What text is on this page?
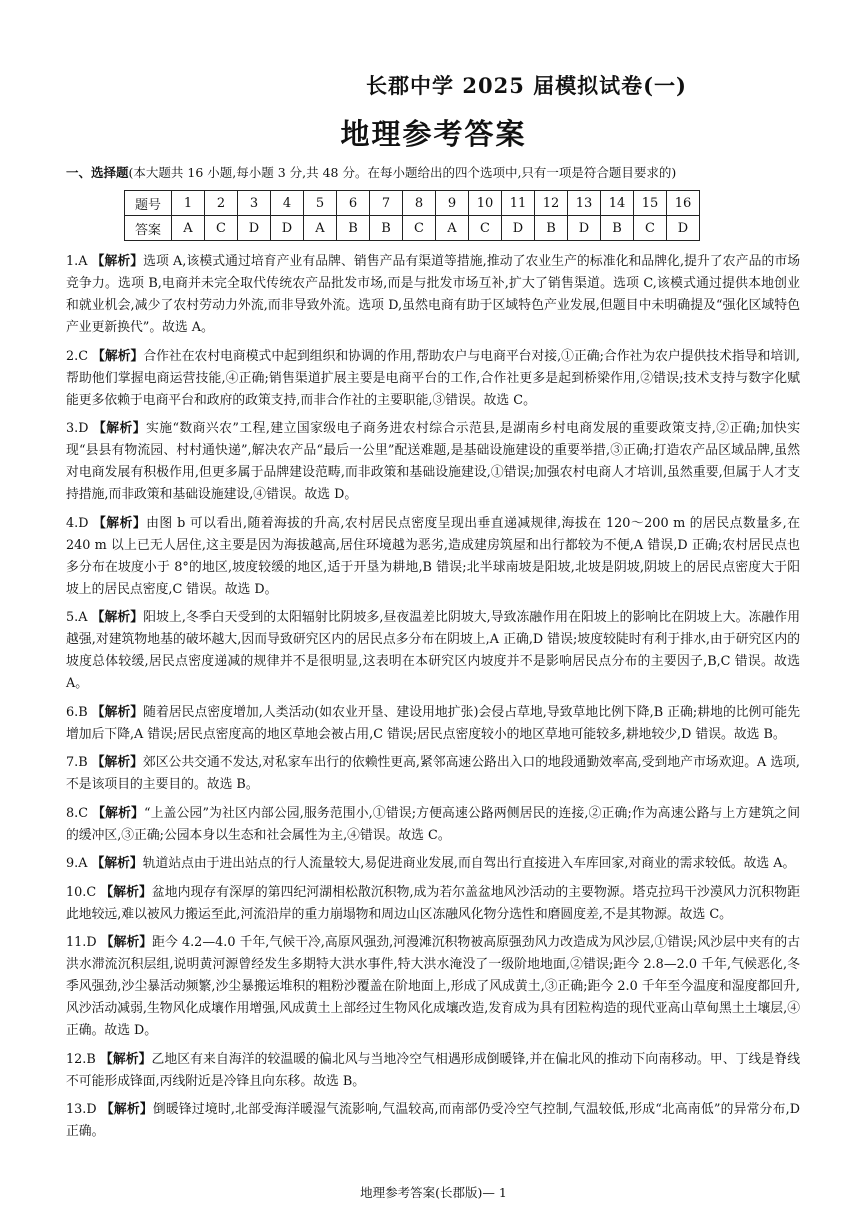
长郡中学 2025 届模拟试卷(一)
地理参考答案
一、选择题(本大题共 16 小题,每小题 3 分,共 48 分。在每小题给出的四个选项中,只有一项是符合题目要求的)
题号	1	2	3	4	5	6	7	8	9	10	11	12	13	14	15	16
答案	A	C	D	D	A	B	B	C	A	C	D	B	D	B	C	D
1.A 【解析】选项 A,该模式通过培育产业有品牌、销售产品有渠道等措施,推动了农业生产的标准化和品牌化,提升了农产品的市场竞争力。选项 B,电商并未完全取代传统农产品批发市场,而是与批发市场互补,扩大了销售渠道。选项 C,该模式通过提供本地创业和就业机会,减少了农村劳动力外流,而非导致外流。选项 D,虽然电商有助于区域特色产业发展,但题目中未明确提及“强化区域特色产业更新换代”。故选 A。
2.C 【解析】合作社在农村电商模式中起到组织和协调的作用,帮助农户与电商平台对接,①正确;合作社为农户提供技术指导和培训,帮助他们掌握电商运营技能,④正确;销售渠道扩展主要是电商平台的工作,合作社更多是起到桥梁作用,②错误;技术支持与数字化赋能更多依赖于电商平台和政府的政策支持,而非合作社的主要职能,③错误。故选 C。
3.D 【解析】实施“数商兴农”工程,建立国家级电子商务进农村综合示范县,是湖南乡村电商发展的重要政策支持,②正确;加快实现“县县有物流园、村村通快递”,解决农产品“最后一公里”配送难题,是基础设施建设的重要举措,③正确;打造农产品区域品牌,虽然对电商发展有积极作用,但更多属于品牌建设范畴,而非政策和基础设施建设,①错误;加强农村电商人才培训,虽然重要,但属于人才支持措施,而非政策和基础设施建设,④错误。故选 D。
4.D 【解析】由图 b 可以看出,随着海拔的升高,农村居民点密度呈现出垂直递减规律,海拔在 120～200 m 的居民点数量多,在 240 m 以上已无人居住,这主要是因为海拔越高,居住环境越为恶劣,造成建房筑屋和出行都较为不便,A 错误,D 正确;农村居民点也多分布在坡度小于 8°的地区,坡度较缓的地区,适于开垦为耕地,B 错误;北半球南坡是阳坡,北坡是阴坡,阴坡上的居民点密度大于阳坡上的居民点密度,C 错误。故选 D。
5.A 【解析】阳坡上,冬季白天受到的太阳辐射比阴坡多,昼夜温差比阴坡大,导致冻融作用在阳坡上的影响比在阴坡上大。冻融作用越强,对建筑物地基的破坏越大,因而导致研究区内的居民点多分布在阴坡上,A 正确,D 错误;坡度较陡时有利于排水,由于研究区内的坡度总体较缓,居民点密度递减的规律并不是很明显,这表明在本研究区内坡度并不是影响居民点分布的主要因子,B,C 错误。故选 A。
6.B 【解析】随着居民点密度增加,人类活动(如农业开垦、建设用地扩张)会侵占草地,导致草地比例下降,B 正确;耕地的比例可能先增加后下降,A 错误;居民点密度高的地区草地会被占用,C 错误;居民点密度较小的地区草地可能较多,耕地较少,D 错误。故选 B。
7.B 【解析】郊区公共交通不发达,对私家车出行的依赖性更高,紧邻高速公路出入口的地段通勤效率高,受到地产市场欢迎。A 选项,不是该项目的主要目的。故选 B。
8.C 【解析】“上盖公园”为社区内部公园,服务范围小,①错误;方便高速公路两侧居民的连接,②正确;作为高速公路与上方建筑之间的缓冲区,③正确;公园本身以生态和社会属性为主,④错误。故选 C。
9.A 【解析】轨道站点由于进出站点的行人流量较大,易促进商业发展,而自驾出行直接进入车库回家,对商业的需求较低。故选 A。
10.C 【解析】盆地内现存有深厚的第四纪河湖相松散沉积物,成为若尔盖盆地风沙活动的主要物源。塔克拉玛干沙漠风力沉积物距此地较远,难以被风力搬运至此,河流沿岸的重力崩塌物和周边山区冻融风化物分选性和磨圆度差,不是其物源。故选 C。
11.D 【解析】距今 4.2—4.0 千年,气候干冷,高原风强劲,河漫滩沉积物被高原强劲风力改造成为风沙层,①错误;风沙层中夹有的古洪水滞流沉积层组,说明黄河源曾经发生多期特大洪水事件,特大洪水淹没了一级阶地地面,②错误;距今 2.8—2.0 千年,气候恶化,冬季风强劲,沙尘暴活动频繁,沙尘暴搬运堆积的粗粉沙覆盖在阶地面上,形成了风成黄土,③正确;距今 2.0 千年至今温度和湿度都回升,风沙活动减弱,生物风化成壤作用增强,风成黄土上部经过生物风化成壤改造,发育成为具有团粒构造的现代亚高山草甸黑土土壤层,④正确。故选 D。
12.B 【解析】乙地区有来自海洋的较温暖的偏北风与当地冷空气相遇形成倒暖锋,并在偏北风的推动下向南移动。甲、丁线是脊线不可能形成锋面,丙线附近是冷锋且向东移。故选 B。
13.D 【解析】倒暖锋过境时,北部受海洋暖湿气流影响,气温较高,而南部仍受冷空气控制,气温较低,形成“北高南低”的异常分布,D 正确。
地理参考答案(长郡版)— 1
